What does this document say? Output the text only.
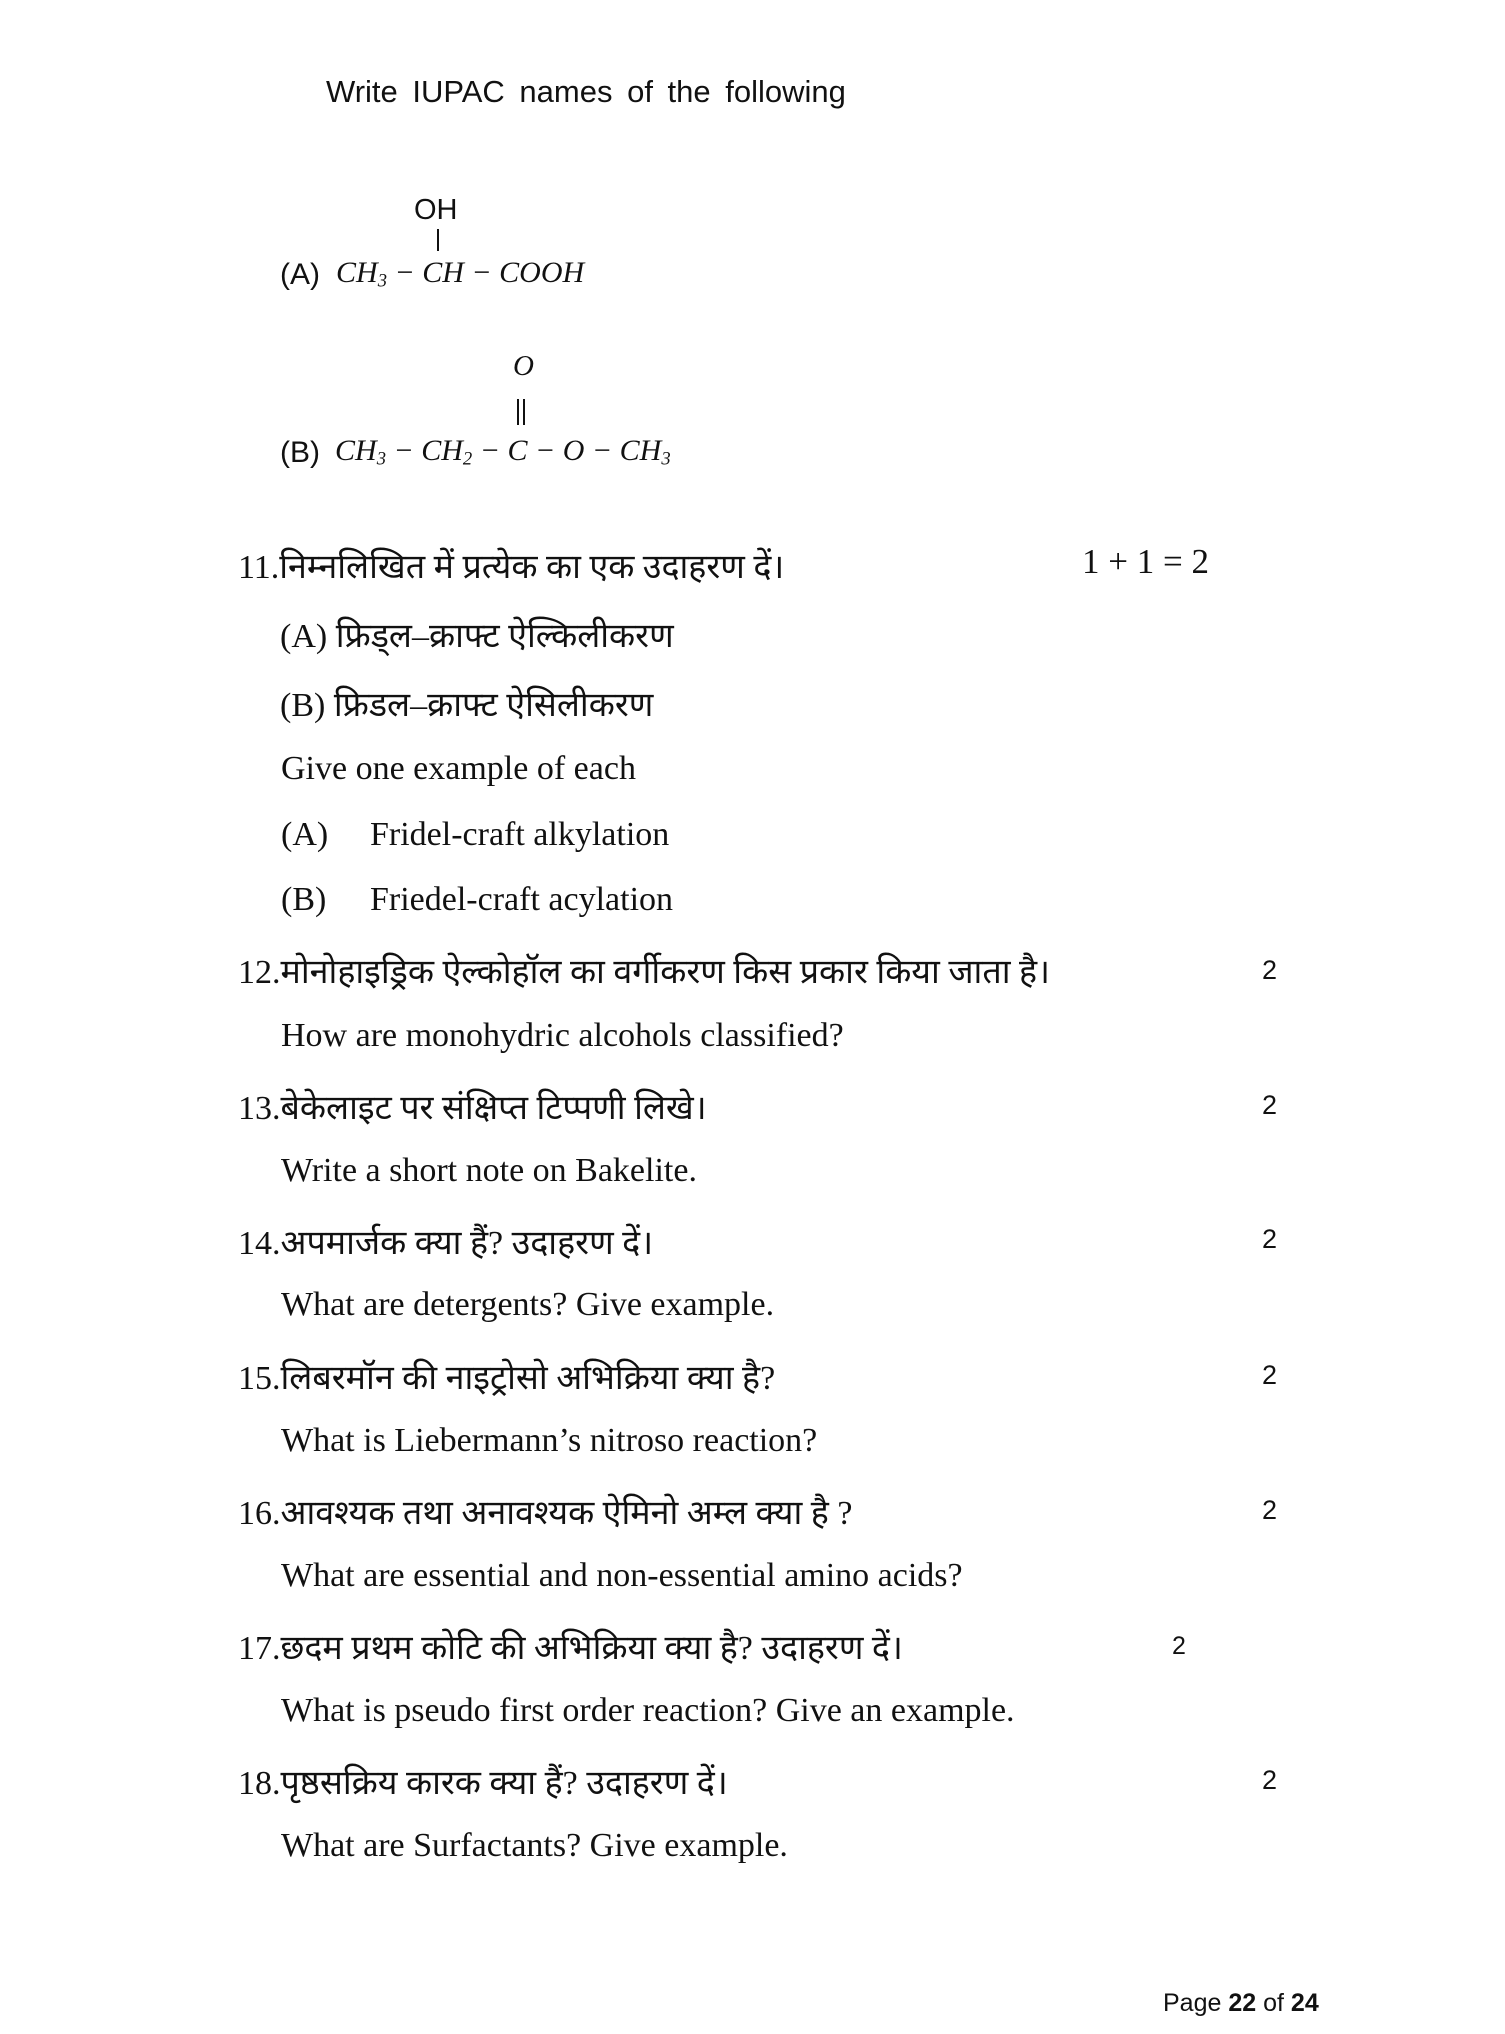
Write IUPAC names of the following
OH
(A) $CH_3$ − CH − COOH
O
(B) $CH_3 - CH_2 - C - O - CH_3$
11.निम्नलिखित में प्रत्येक का एक उदाहरण दें।	1 + 1 = 2
(A) फ्रिड्ल–क्राफ्ट ऐल्किलीकरण
(B) फ्रिडल–क्राफ्ट ऐसिलीकरण
Give one example of each
(A) Fridel-craft alkylation
(B) Friedel-craft acylation
12.मोनोहाइड्रिक ऐल्कोहॉल का वर्गीकरण किस प्रकार किया जाता है।	2
How are monohydric alcohols classified?
13.बेकेलाइट पर संक्षिप्त टिप्पणी लिखे।	2
Write a short note on Bakelite.
14.अपमार्जक क्या हैं? उदाहरण दें।	2
What are detergents? Give example.
15.लिबरमॉन की नाइट्रोसो अभिक्रिया क्या है?	2
What is Liebermann’s nitroso reaction?
16.आवश्यक तथा अनावश्यक ऐमिनो अम्ल क्या है ?	2
What are essential and non-essential amino acids?
17.छदम प्रथम कोटि की अभिक्रिया क्या है? उदाहरण दें।	2
What is pseudo first order reaction? Give an example.
18.पृष्ठसक्रिय कारक क्या हैं? उदाहरण दें।	2
What are Surfactants? Give example.
Page 22 of 24
